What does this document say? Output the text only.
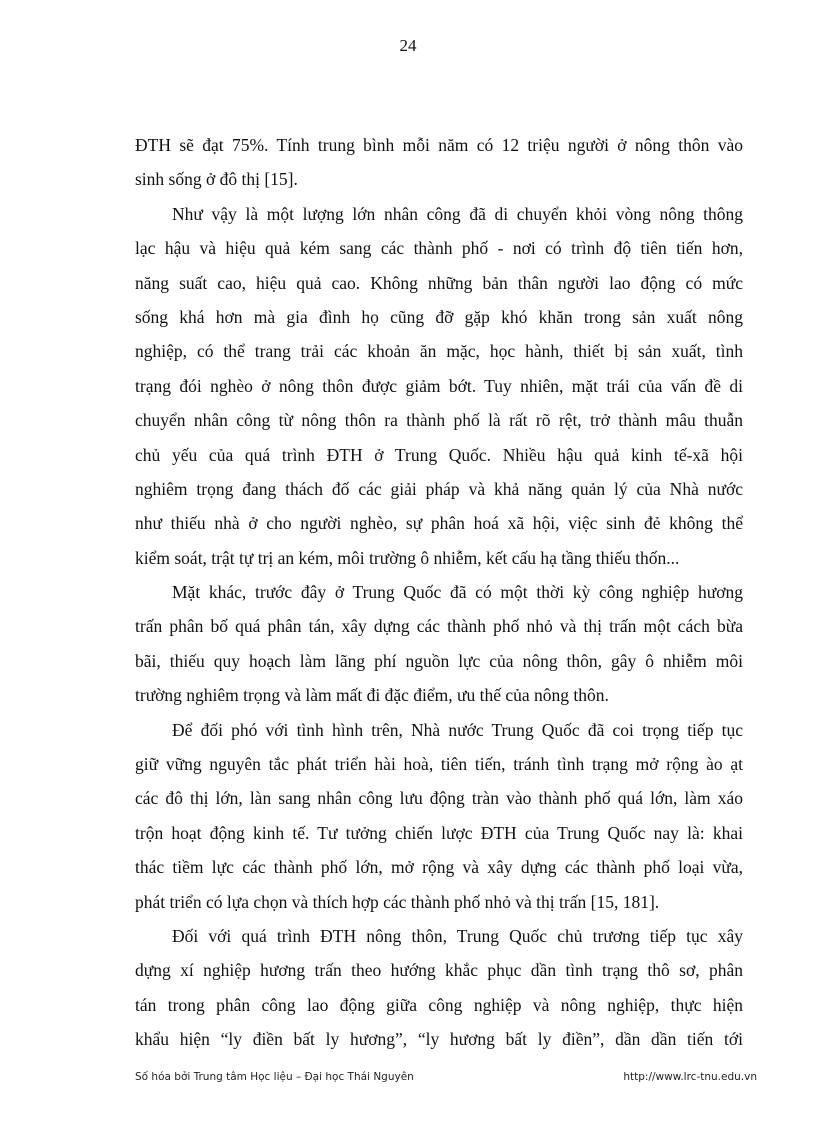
24
ĐTH sẽ đạt 75%. Tính trung bình mỗi năm có 12 triệu người ở nông thôn vào
sinh sống ở đô thị [15].
Như vậy là một lượng lớn nhân công đã di chuyển khỏi vòng nông thông
lạc hậu và hiệu quả kém sang các thành phố - nơi có trình độ tiên tiến hơn,
năng suất cao, hiệu quả cao. Không những bản thân người lao động có mức
sống khá hơn mà gia đình họ cũng đỡ gặp khó khăn trong sản xuất nông
nghiệp, có thể trang trải các khoản ăn mặc, học hành, thiết bị sản xuất, tình
trạng đói nghèo ở nông thôn được giảm bớt. Tuy nhiên, mặt trái của vấn đề di
chuyển nhân công từ nông thôn ra thành phố là rất rõ rệt, trở thành mâu thuẫn
chủ yếu của quá trình ĐTH ở Trung Quốc. Nhiều hậu quả kinh tế-xã hội
nghiêm trọng đang thách đố các giải pháp và khả năng quản lý của Nhà nước
như thiếu nhà ở cho người nghèo, sự phân hoá xã hội, việc sinh đẻ không thể
kiểm soát, trật tự trị an kém, môi trường ô nhiễm, kết cấu hạ tầng thiếu thốn...
Mặt khác, trước đây ở Trung Quốc đã có một thời kỳ công nghiệp hương
trấn phân bố quá phân tán, xây dựng các thành phố nhỏ và thị trấn một cách bừa
bãi, thiếu quy hoạch làm lãng phí nguồn lực của nông thôn, gây ô nhiễm môi
trường nghiêm trọng và làm mất đi đặc điểm, ưu thế của nông thôn.
Để đối phó với tình hình trên, Nhà nước Trung Quốc đã coi trọng tiếp tục
giữ vững nguyên tắc phát triển hài hoà, tiên tiến, tránh tình trạng mở rộng ào ạt
các đô thị lớn, làn sang nhân công lưu động tràn vào thành phố quá lớn, làm xáo
trộn hoạt động kinh tế. Tư tưởng chiến lược ĐTH của Trung Quốc nay là: khai
thác tiềm lực các thành phố lớn, mở rộng và xây dựng các thành phố loại vừa,
phát triển có lựa chọn và thích hợp các thành phố nhỏ và thị trấn [15, 181].
Đối với quá trình ĐTH nông thôn, Trung Quốc chủ trương tiếp tục xây
dựng xí nghiệp hương trấn theo hướng khắc phục dần tình trạng thô sơ, phân
tán trong phân công lao động giữa công nghiệp và nông nghiệp, thực hiện
khẩu hiện “ly điền bất ly hương”, “ly hương bất ly điền”, dần dần tiến tới
Số hóa bởi Trung tâm Học liệu – Đại học Thái Nguyên	http://www.lrc-tnu.edu.vn
